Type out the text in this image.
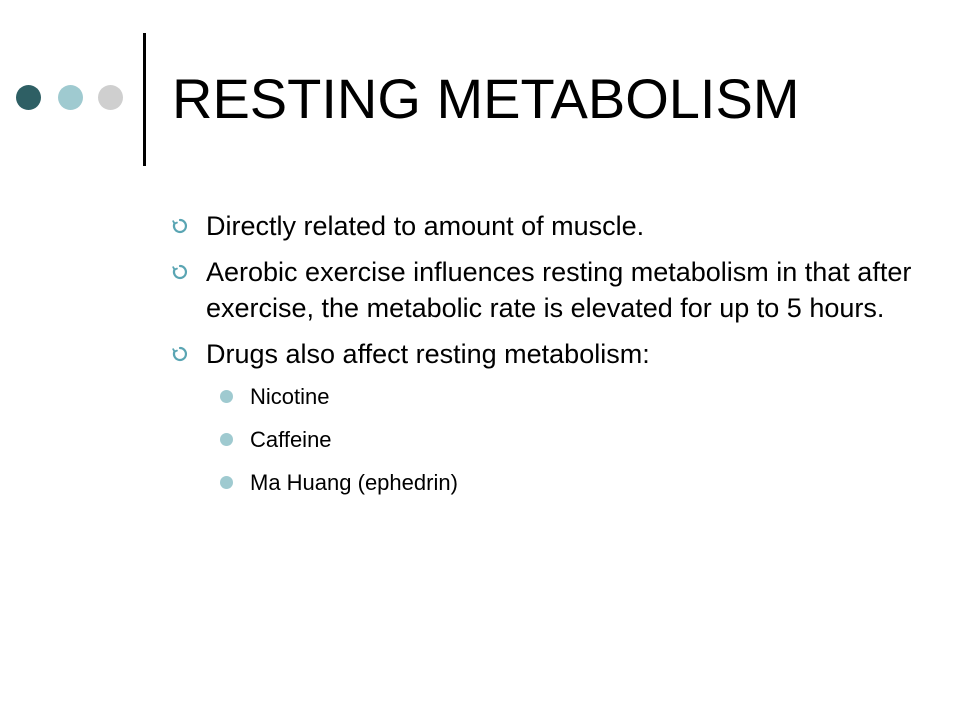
RESTING METABOLISM
Directly related to amount of muscle.
Aerobic exercise influences resting metabolism in that after exercise, the metabolic rate is elevated for up to 5 hours.
Drugs also affect resting metabolism:
Nicotine
Caffeine
Ma Huang (ephedrin)
